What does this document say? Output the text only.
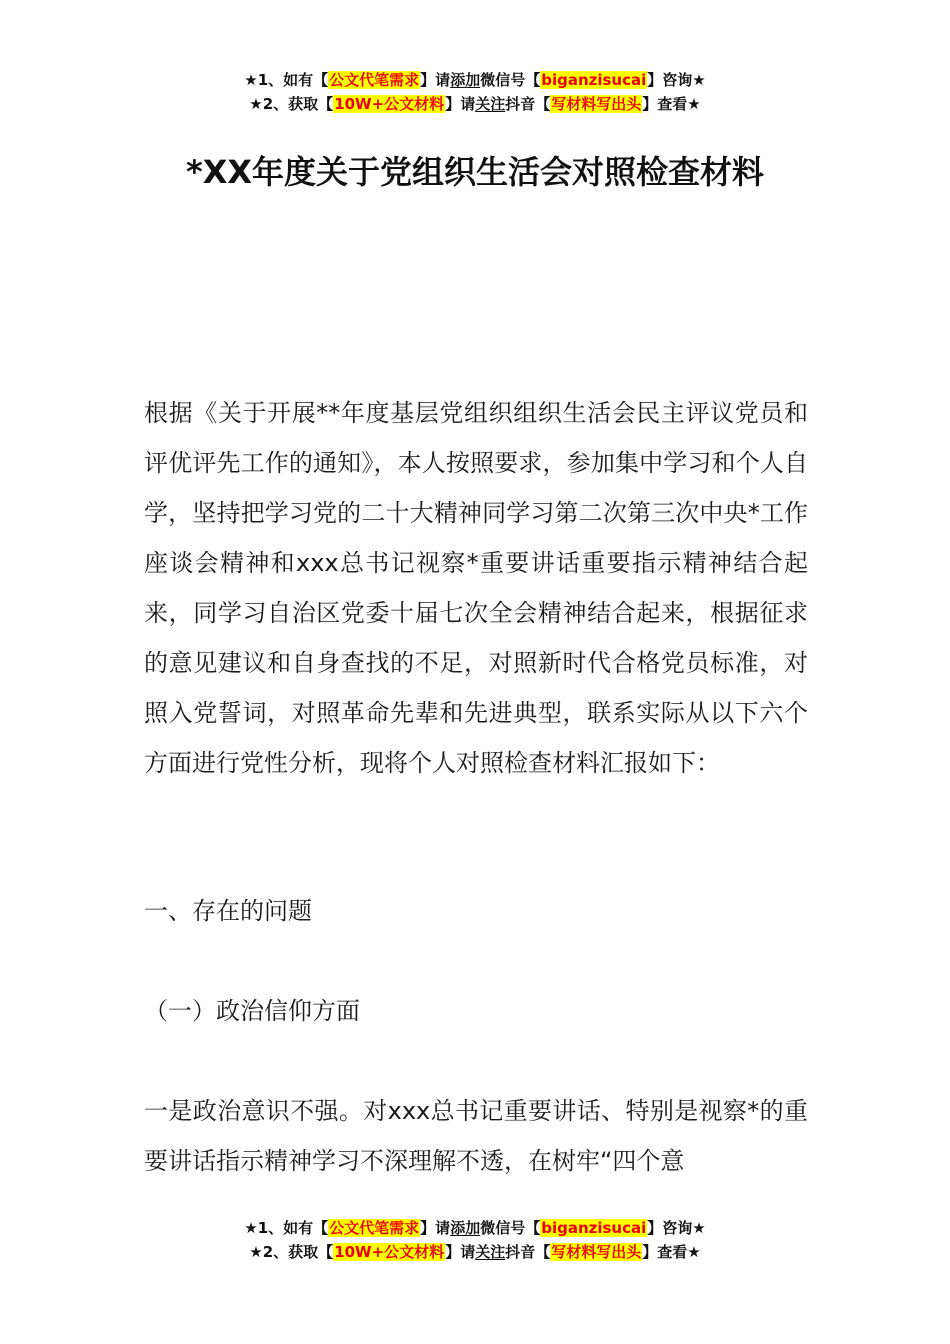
★1、如有【公文代笔需求】请添加微信号【biganzisucai】咨询★
★2、获取【10W+公文材料】请关注抖音【写材料写出头】查看★
*XX年度关于党组织生活会对照检查材料

根据《关于开展**年度基层党组织组织生活会民主评议党员和评优评先工作的通知》，本人按照要求，参加集中学习和个人自学，坚持把学习党的二十大精神同学习第二次第三次中央*工作座谈会精神和xxx总书记视察*重要讲话重要指示精神结合起来，同学习自治区党委十届七次全会精神结合起来，根据征求的意见建议和自身查找的不足，对照新时代合格党员标准，对照入党誓词，对照革命先辈和先进典型，联系实际从以下六个方面进行党性分析，现将个人对照检查材料汇报如下：

一、存在的问题

（一）政治信仰方面

一是政治意识不强。对xxx总书记重要讲话、特别是视察*的重要讲话指示精神学习不深理解不透，在树牢“四个意

★1、如有【公文代笔需求】请添加微信号【biganzisucai】咨询★
★2、获取【10W+公文材料】请关注抖音【写材料写出头】查看★
